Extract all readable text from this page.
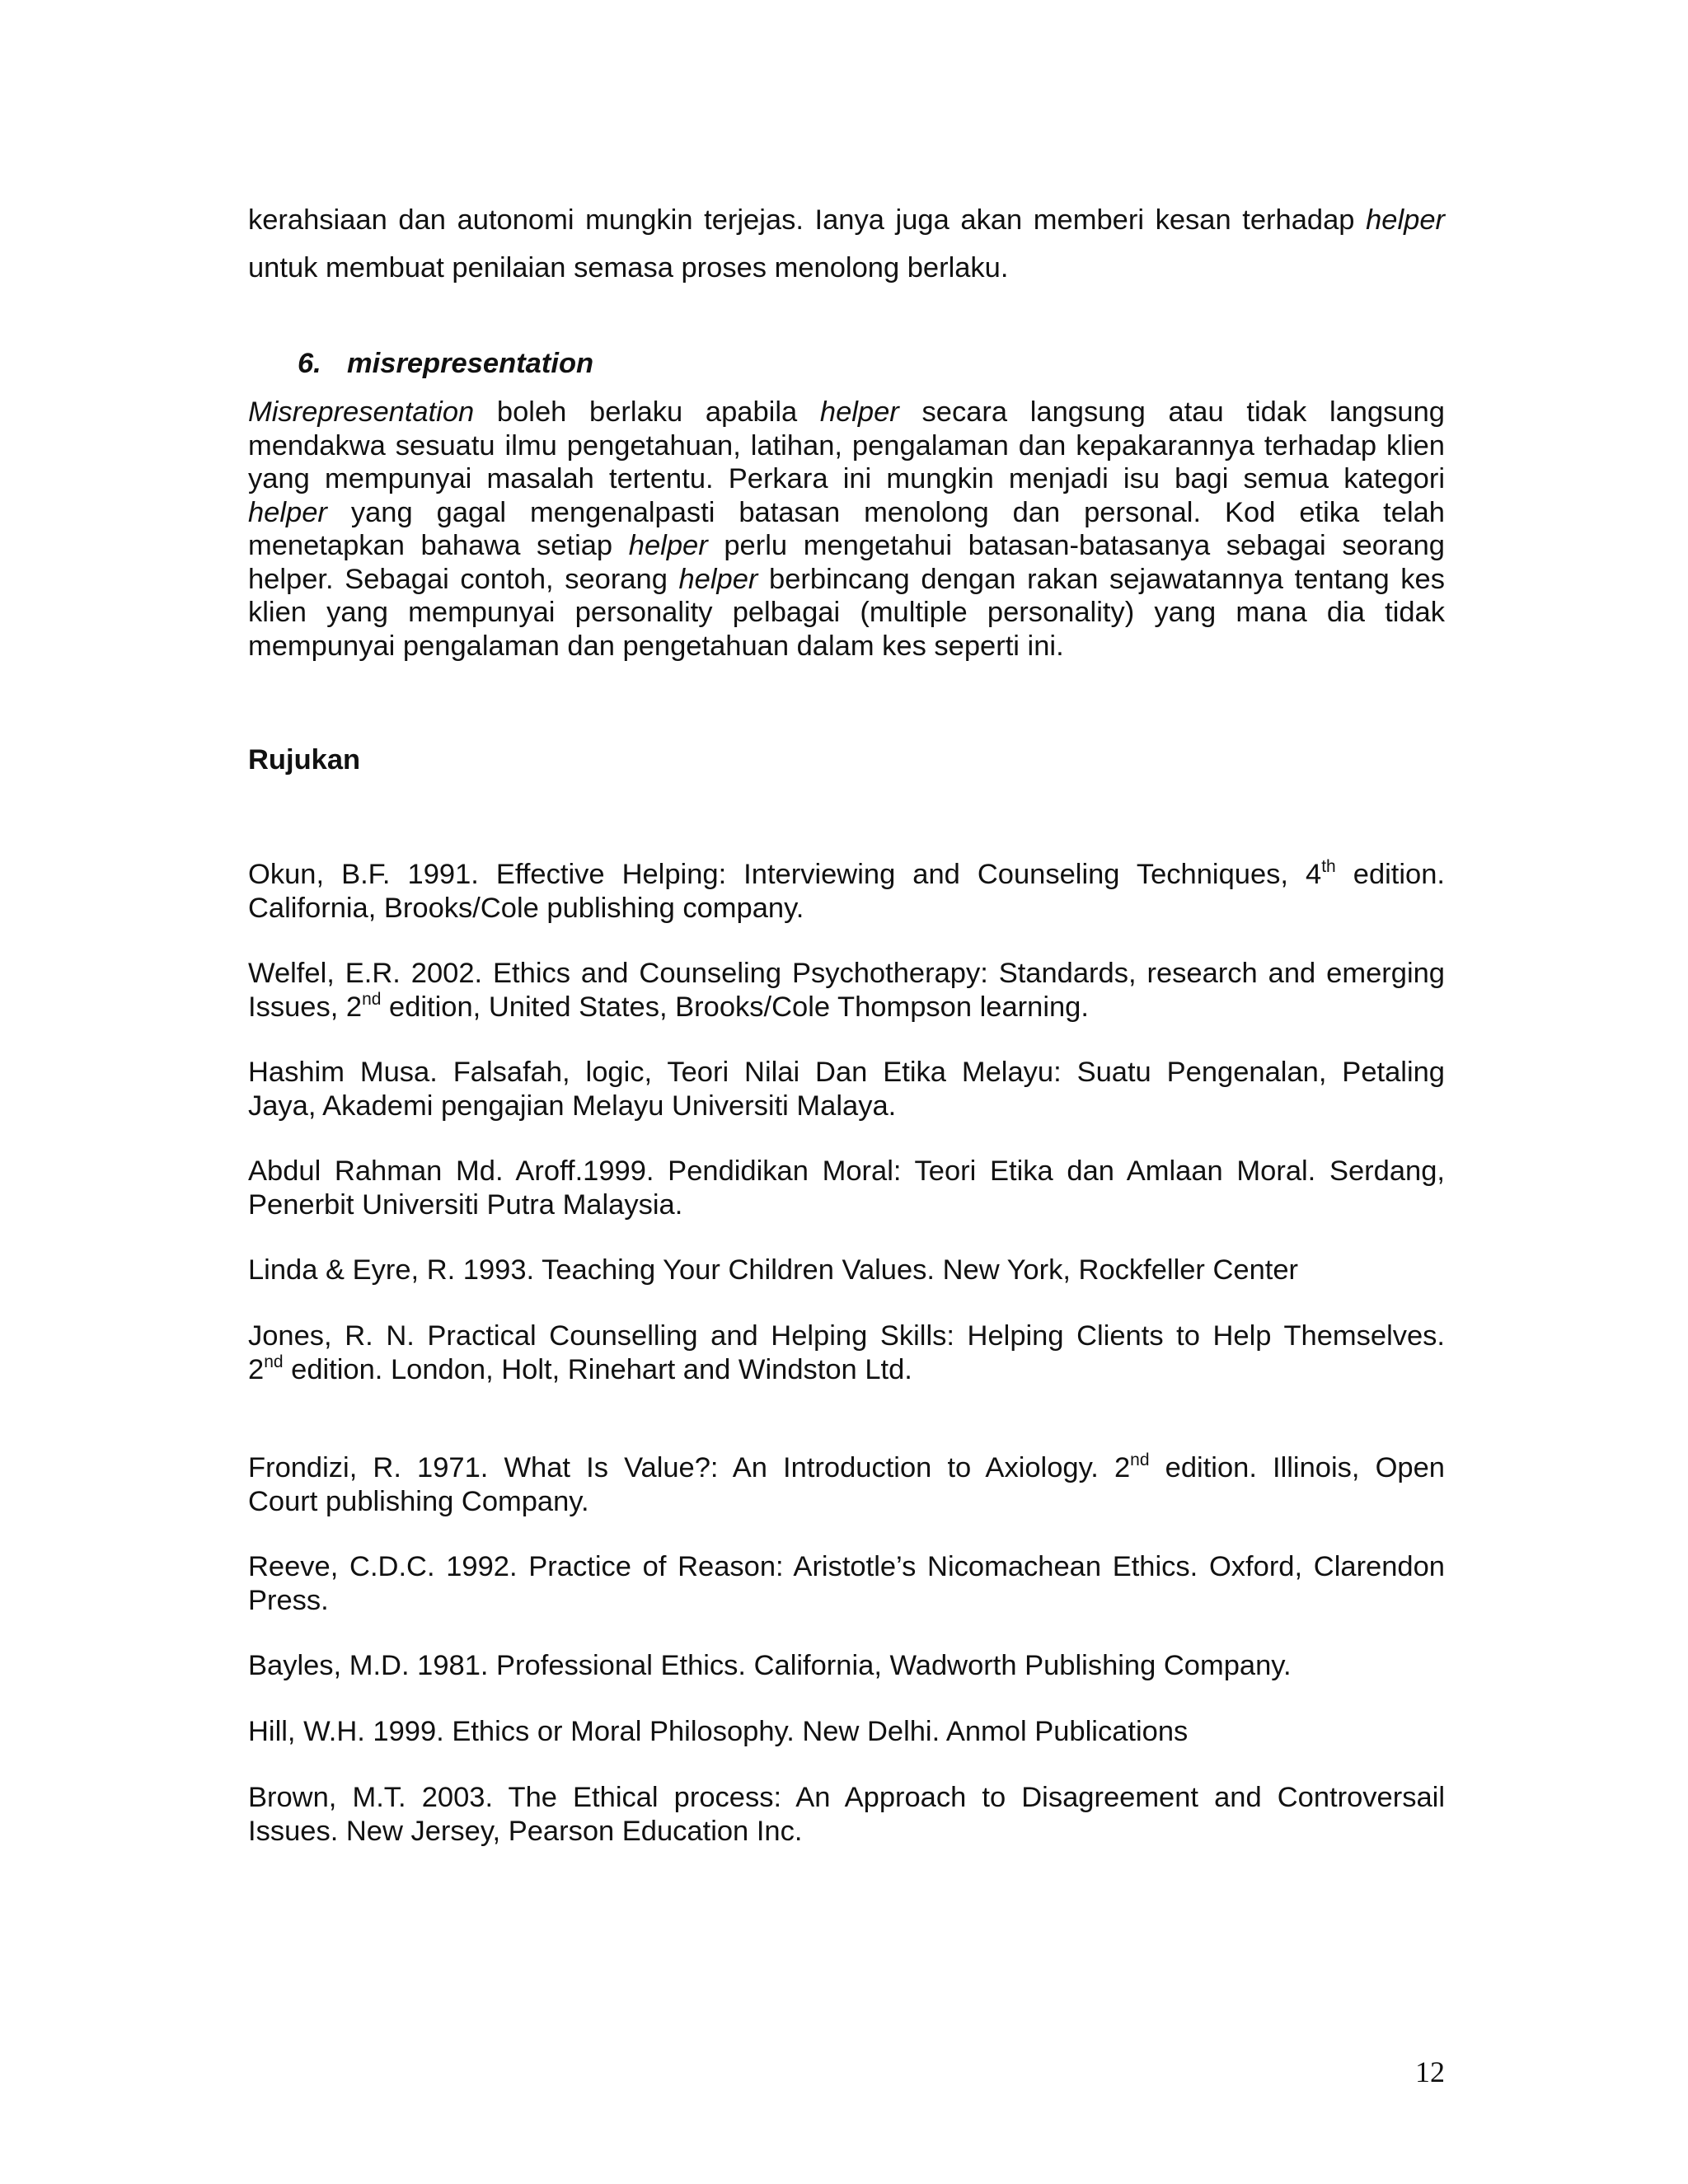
kerahsiaan dan autonomi mungkin terjejas. Ianya juga akan memberi kesan terhadap helper
untuk membuat penilaian semasa proses menolong berlaku.
6. misrepresentation

Misrepresentation boleh berlaku apabila helper secara langsung atau tidak langsung mendakwa sesuatu ilmu pengetahuan, latihan, pengalaman dan kepakarannya terhadap klien yang mempunyai masalah tertentu. Perkara ini mungkin menjadi isu bagi semua kategori helper yang gagal mengenalpasti batasan menolong dan personal. Kod etika telah menetapkan bahawa setiap helper perlu mengetahui batasan-batasanya sebagai seorang helper. Sebagai contoh, seorang helper berbincang dengan rakan sejawatannya tentang kes klien yang mempunyai personality pelbagai (multiple personality) yang mana dia tidak
mempunyai pengalaman dan pengetahuan dalam kes seperti ini.

Rujukan
Okun, B.F. 1991. Effective Helping: Interviewing and Counseling Techniques, 4th edition.
California, Brooks/Cole publishing company.
Welfel, E.R. 2002. Ethics and Counseling Psychotherapy: Standards, research and emerging
Issues, 2nd edition, United States, Brooks/Cole Thompson learning.
Hashim Musa. Falsafah, logic, Teori Nilai Dan Etika Melayu: Suatu Pengenalan, Petaling
Jaya, Akademi pengajian Melayu Universiti Malaya.
Abdul Rahman Md. Aroff.1999. Pendidikan Moral: Teori Etika dan Amlaan Moral. Serdang,
Penerbit Universiti Putra Malaysia.
Linda & Eyre, R. 1993. Teaching Your Children Values. New York, Rockfeller Center
Jones, R. N. Practical Counselling and Helping Skills: Helping Clients to Help Themselves.
2nd edition. London, Holt, Rinehart and Windston Ltd.
Frondizi, R. 1971. What Is Value?: An Introduction to Axiology. 2nd edition. Illinois, Open
Court publishing Company.
Reeve, C.D.C. 1992. Practice of Reason: Aristotle’s Nicomachean Ethics. Oxford, Clarendon
Press.
Bayles, M.D. 1981. Professional Ethics. California, Wadworth Publishing Company.
Hill, W.H. 1999. Ethics or Moral Philosophy. New Delhi. Anmol Publications
Brown, M.T. 2003. The Ethical process: An Approach to Disagreement and Controversail
Issues. New Jersey, Pearson Education Inc.
12
